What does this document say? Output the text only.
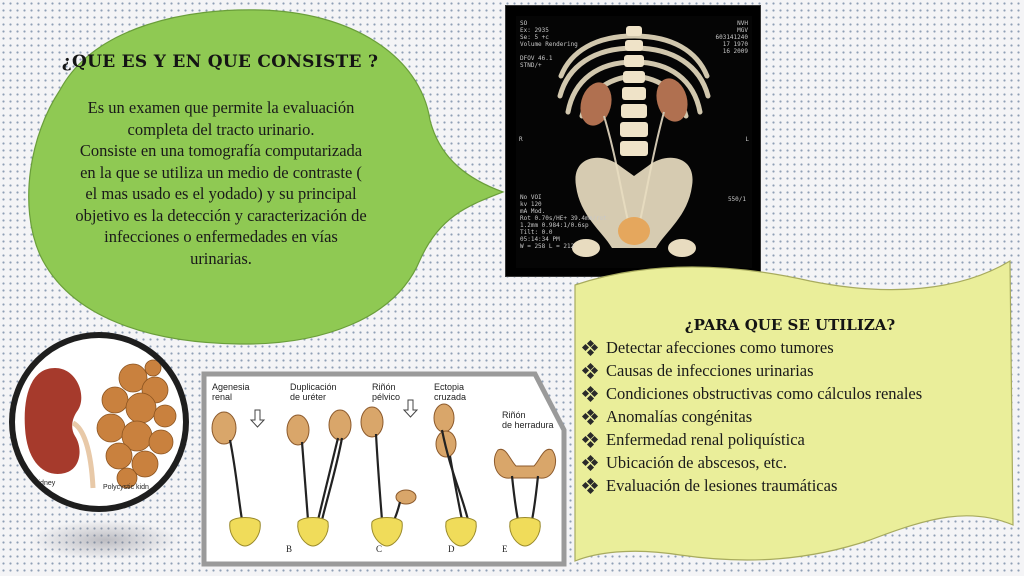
¿QUE ES Y EN QUE CONSISTE ?
Es un examen que permite la evaluación
completa del tracto urinario.
Consiste en una tomografía computarizada
en la que se utiliza un medio de contraste (
el mas usado es el yodado) y su principal
objetivo es la detección y caracterización de
infecciones o enfermedades en vías
urinarias.
SO
Ex: 2935
Se: 5 +c
Volume Rendering

DFOV 46.1
STND/+
NVH
MGV
603141240
17 1970
16 2009
No VOI
kv 120
mA Mod.
Rot 0.70s/HE+ 39.4mm/rot
1.2mm 0.984:1/0.6sp
Tilt: 0.0
05:14:34 PM
W = 258 L = 212
550/1
R	L
¿PARA QUE SE UTILIZA?
Detectar afecciones como tumores
Causas de infecciones urinarias
Condiciones obstructivas como cálculos renales
Anomalías congénitas
Enfermedad renal poliquística
Ubicación de abscesos, etc.
Evaluación de lesiones traumáticas
kidney
Polycystic kidn
Agenesia
renal
Duplicación
de uréter
Riñón
pélvico
Ectopia
cruzada
Riñón
de herradura
B	C	D	E
